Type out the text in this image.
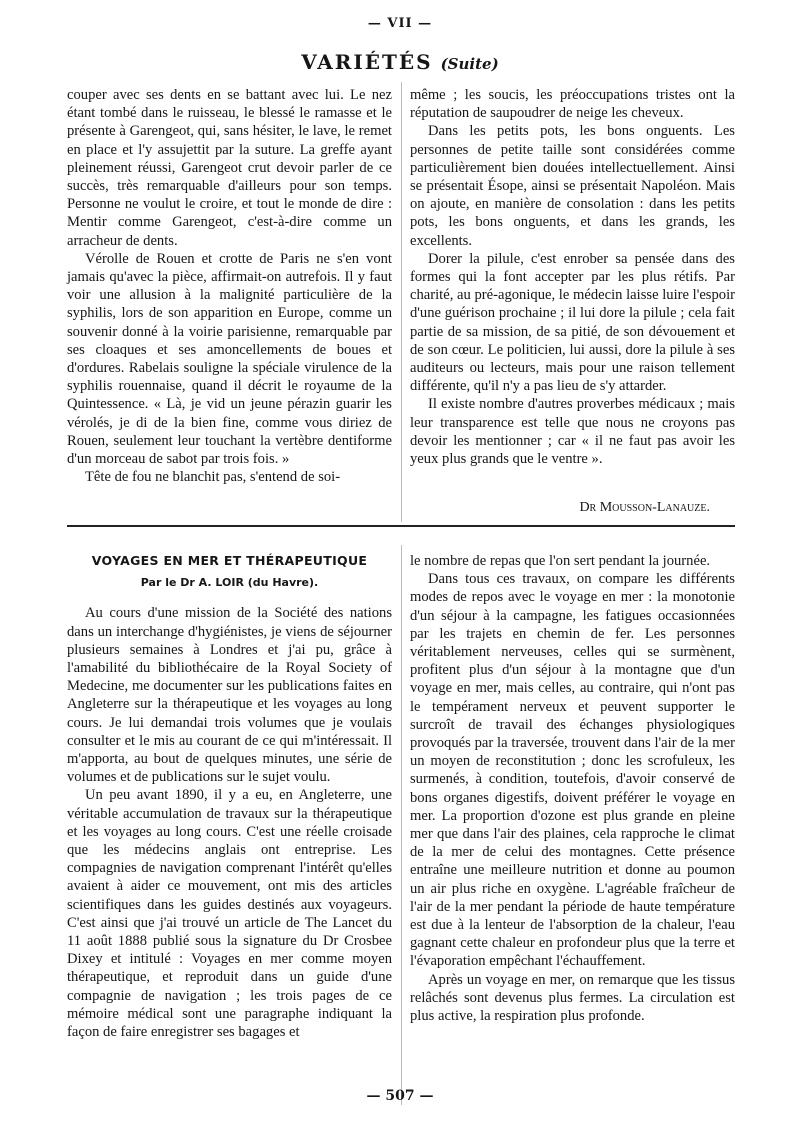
— VII —
VARIÉTÉS (Suite)

couper avec ses dents en se battant avec lui. Le nez étant tombé dans le ruisseau, le blessé le ramasse et le présente à Garengeot, qui, sans hésiter, le lave, le remet en place et l'y assujettit par la suture. La greffe ayant pleinement réussi, Garengeot crut devoir parler de ce succès, très remarquable d'ailleurs pour son temps. Personne ne voulut le croire, et tout le monde de dire : Mentir comme Garengeot, c'est-à-dire comme un arracheur de dents.

Vérolle de Rouen et crotte de Paris ne s'en vont jamais qu'avec la pièce, affirmait-on autrefois. Il y faut voir une allusion à la malignité particulière de la syphilis, lors de son apparition en Europe, comme un souvenir donné à la voirie parisienne, remarquable par ses cloaques et ses amoncellements de boues et d'ordures. Rabelais souligne la spéciale virulence de la syphilis rouennaise, quand il décrit le royaume de la Quintessence. « Là, je vid un jeune pérazin guarir les vérolés, je di de la bien fine, comme vous diriez de Rouen, seulement leur touchant la vertèbre dentiforme d'un morceau de sabot par trois fois. »

Tête de fou ne blanchit pas, s'entend de soi-

même ; les soucis, les préoccupations tristes ont la réputation de saupoudrer de neige les cheveux.

Dans les petits pots, les bons onguents. Les personnes de petite taille sont considérées comme particulièrement bien douées intellectuellement. Ainsi se présentait Ésope, ainsi se présentait Napoléon. Mais on ajoute, en manière de consolation : dans les petits pots, les bons onguents, et dans les grands, les excellents.

Dorer la pilule, c'est enrober sa pensée dans des formes qui la font accepter par les plus rétifs. Par charité, au pré-agonique, le médecin laisse luire l'espoir d'une guérison prochaine ; il lui dore la pilule ; cela fait partie de sa mission, de sa pitié, de son dévouement et de son cœur. Le politicien, lui aussi, dore la pilule à ses auditeurs ou lecteurs, mais pour une raison tellement différente, qu'il n'y a pas lieu de s'y attarder.

Il existe nombre d'autres proverbes médicaux ; mais leur transparence est telle que nous ne croyons pas devoir les mentionner ; car « il ne faut pas avoir les yeux plus grands que le ventre ».

Dr Mousson-Lanauze.
VOYAGES EN MER ET THÉRAPEUTIQUE
Par le Dr A. LOIR (du Havre).

Au cours d'une mission de la Société des nations dans un interchange d'hygiénistes, je viens de séjourner plusieurs semaines à Londres et j'ai pu, grâce à l'amabilité du bibliothécaire de la Royal Society of Medecine, me documenter sur les publications faites en Angleterre sur la thérapeutique et les voyages au long cours. Je lui demandai trois volumes que je voulais consulter et le mis au courant de ce qui m'intéressait. Il m'apporta, au bout de quelques minutes, une série de volumes et de publications sur le sujet voulu.

Un peu avant 1890, il y a eu, en Angleterre, une véritable accumulation de travaux sur la thérapeutique et les voyages au long cours. C'est une réelle croisade que les médecins anglais ont entreprise. Les compagnies de navigation comprenant l'intérêt qu'elles avaient à aider ce mouvement, ont mis des articles scientifiques dans les guides destinés aux voyageurs. C'est ainsi que j'ai trouvé un article de The Lancet du 11 août 1888 publié sous la signature du Dr Crosbee Dixey et intitulé : Voyages en mer comme moyen thérapeutique, et reproduit dans un guide d'une compagnie de navigation ; les trois pages de ce mémoire médical sont une paragraphe indiquant la façon de faire enregistrer ses bagages et

le nombre de repas que l'on sert pendant la journée.

Dans tous ces travaux, on compare les différents modes de repos avec le voyage en mer : la monotonie d'un séjour à la campagne, les fatigues occasionnées par les trajets en chemin de fer. Les personnes véritablement nerveuses, celles qui se surmènent, profitent plus d'un séjour à la montagne que d'un voyage en mer, mais celles, au contraire, qui n'ont pas le tempérament nerveux et peuvent supporter le surcroît de travail des échanges physiologiques provoqués par la traversée, trouvent dans l'air de la mer un moyen de reconstitution ; donc les scrofuleux, les surmenés, à condition, toutefois, d'avoir conservé de bons organes digestifs, doivent préférer le voyage en mer. La proportion d'ozone est plus grande en pleine mer que dans l'air des plaines, cela rapproche le climat de la mer de celui des montagnes. Cette présence entraîne une meilleure nutrition et donne au poumon un air plus riche en oxygène. L'agréable fraîcheur de l'air de la mer pendant la période de haute température est due à la lenteur de l'absorption de la chaleur, l'eau gagnant cette chaleur en profondeur plus que la terre et l'évaporation empêchant l'échauffement.

Après un voyage en mer, on remarque que les tissus relâchés sont devenus plus fermes. La circulation est plus active, la respiration plus profonde.

— 507 —
